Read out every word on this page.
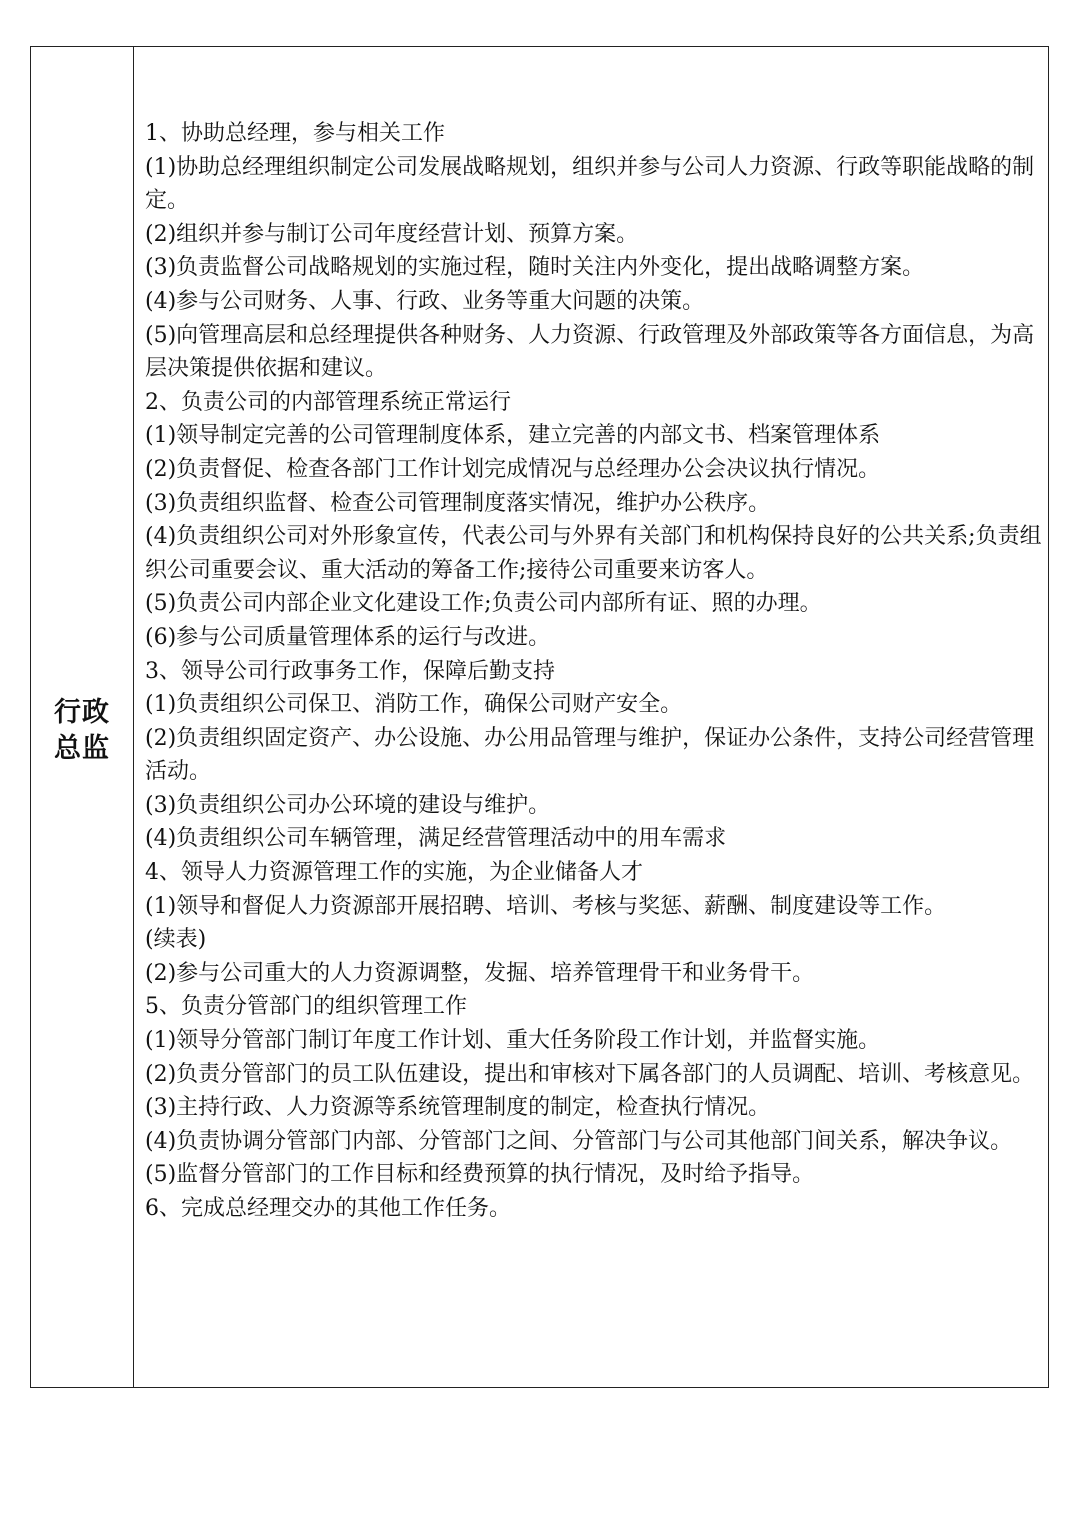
行政总监

1、协助总经理，参与相关工作

(1)协助总经理组织制定公司发展战略规划，组织并参与公司人力资源、行政等职能战略的制定。

(2)组织并参与制订公司年度经营计划、预算方案。

(3)负责监督公司战略规划的实施过程，随时关注内外变化，提出战略调整方案。

(4)参与公司财务、人事、行政、业务等重大问题的决策。

(5)向管理高层和总经理提供各种财务、人力资源、行政管理及外部政策等各方面信息，为高层决策提供依据和建议。

2、负责公司的内部管理系统正常运行

(1)领导制定完善的公司管理制度体系，建立完善的内部文书、档案管理体系

(2)负责督促、检查各部门工作计划完成情况与总经理办公会决议执行情况。

(3)负责组织监督、检查公司管理制度落实情况，维护办公秩序。

(4)负责组织公司对外形象宣传，代表公司与外界有关部门和机构保持良好的公共关系;负责组织公司重要会议、重大活动的筹备工作;接待公司重要来访客人。

(5)负责公司内部企业文化建设工作;负责公司内部所有证、照的办理。

(6)参与公司质量管理体系的运行与改进。

3、领导公司行政事务工作，保障后勤支持

(1)负责组织公司保卫、消防工作，确保公司财产安全。

(2)负责组织固定资产、办公设施、办公用品管理与维护，保证办公条件，支持公司经营管理活动。

(3)负责组织公司办公环境的建设与维护。

(4)负责组织公司车辆管理，满足经营管理活动中的用车需求

4、领导人力资源管理工作的实施，为企业储备人才

(1)领导和督促人力资源部开展招聘、培训、考核与奖惩、薪酬、制度建设等工作。

(续表)

(2)参与公司重大的人力资源调整，发掘、培养管理骨干和业务骨干。

5、负责分管部门的组织管理工作

(1)领导分管部门制订年度工作计划、重大任务阶段工作计划，并监督实施。

(2)负责分管部门的员工队伍建设，提出和审核对下属各部门的人员调配、培训、考核意见。

(3)主持行政、人力资源等系统管理制度的制定，检查执行情况。

(4)负责协调分管部门内部、分管部门之间、分管部门与公司其他部门间关系，解决争议。

(5)监督分管部门的工作目标和经费预算的执行情况，及时给予指导。

6、完成总经理交办的其他工作任务。
